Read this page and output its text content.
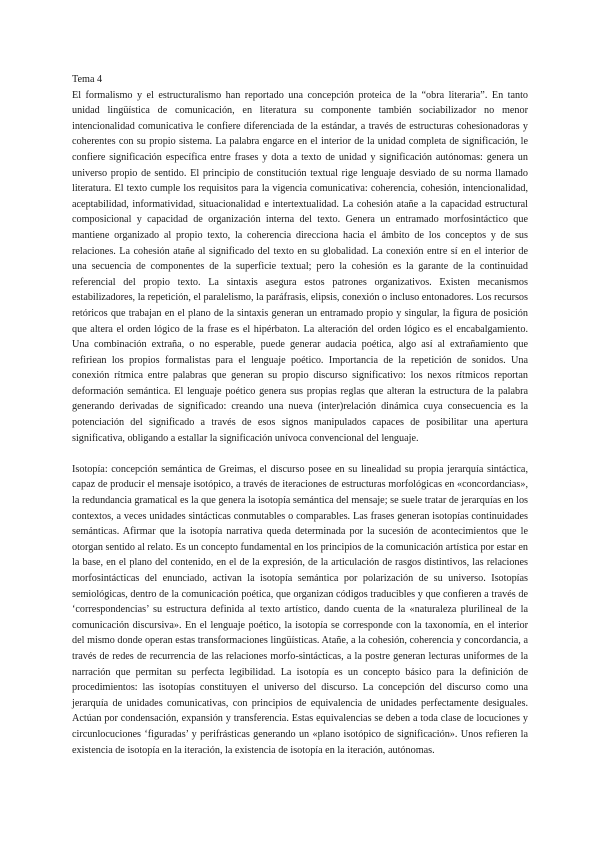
Tema 4

El formalismo y el estructuralismo han reportado una concepción proteica de la “obra literaria”. En tanto unidad lingüística de comunicación, en literatura su componente también sociabilizador no menor intencionalidad comunicativa le confiere diferenciada de la estándar, a través de estructuras cohesionadoras y coherentes con su propio sistema. La palabra engarce en el interior de la unidad completa de significación, le confiere significación específica entre frases y dota a texto de unidad y significación autónomas: genera un universo propio de sentido. El principio de constitución textual rige lenguaje desviado de su norma llamado literatura. El texto cumple los requisitos para la vigencia comunicativa: coherencia, cohesión, intencionalidad, aceptabilidad, informatividad, situacionalidad e intertextualidad. La cohesión atañe a la capacidad estructural composicional y capacidad de organización interna del texto. Genera un entramado morfosintáctico que mantiene organizado al propio texto, la coherencia direcciona hacia el ámbito de los conceptos y de sus relaciones. La cohesión atañe al significado del texto en su globalidad. La conexión entre sí en el interior de una secuencia de componentes de la superficie textual; pero la cohesión es la garante de la continuidad referencial del propio texto. La sintaxis asegura estos patrones organizativos. Existen mecanismos estabilizadores, la repetición, el paralelismo, la paráfrasis, elipsis, conexión o incluso entonadores. Los recursos retóricos que trabajan en el plano de la sintaxis generan un entramado propio y singular, la figura de posición que altera el orden lógico de la frase es el hipérbaton. La alteración del orden lógico es el encabalgamiento. Una combinación extraña, o no esperable, puede generar audacia poética, algo así al extrañamiento que refiriean los propios formalistas para el lenguaje poético. Importancia de la repetición de sonidos. Una conexión rítmica entre palabras que generan su propio discurso significativo: los nexos rítmicos reportan deformación semántica. El lenguaje poético genera sus propias reglas que alteran la estructura de la palabra generando derivadas de significado: creando una nueva (inter)relación dinámica cuya consecuencia es la potenciación del significado a través de esos signos manipulados capaces de posibilitar una apertura significativa, obligando a estallar la significación unívoca convencional del lenguaje.

Isotopía: concepción semántica de Greimas, el discurso posee en su linealidad su propia jerarquía sintáctica, capaz de producir el mensaje isotópico, a través de iteraciones de estructuras morfológicas en «concordancias», la redundancia gramatical es la que genera la isotopía semántica del mensaje; se suele tratar de jerarquías en los contextos, a veces unidades sintácticas conmutables o comparables. Las frases generan isotopías continuidades semánticas. Afirmar que la isotopía narrativa queda determinada por la sucesión de acontecimientos que le otorgan sentido al relato. Es un concepto fundamental en los principios de la comunicación artística por estar en la base, en el plano del contenido, en el de la expresión, de la articulación de rasgos distintivos, las relaciones morfosintácticas del enunciado, activan la isotopía semántica por polarización de su universo. Isotopías semiológicas, dentro de la comunicación poética, que organizan códigos traducibles y que confieren a través de ‘correspondencias’ su estructura definida al texto artístico, dando cuenta de la «naturaleza plurilineal de la comunicación discursiva». En el lenguaje poético, la isotopía se corresponde con la taxonomía, en el interior del mismo donde operan estas transformaciones lingüísticas. Atañe, a la cohesión, coherencia y concordancia, a través de redes de recurrencia de las relaciones morfo-sintácticas, a la postre generan lecturas uniformes de la narración que permitan su perfecta legibilidad. La isotopía es un concepto básico para la definición de procedimientos: las isotopías constituyen el universo del discurso. La concepción del discurso como una jerarquía de unidades comunicativas, con principios de equivalencia de unidades perfectamente desiguales. Actúan por condensación, expansión y transferencia. Estas equivalencias se deben a toda clase de locuciones y circunlocuciones ‘figuradas’ y perifrásticas generando un «plano isotópico de significación». Unos refieren la existencia de isotopía en la iteración, la existencia de isotopía en la iteración, autónomas.
